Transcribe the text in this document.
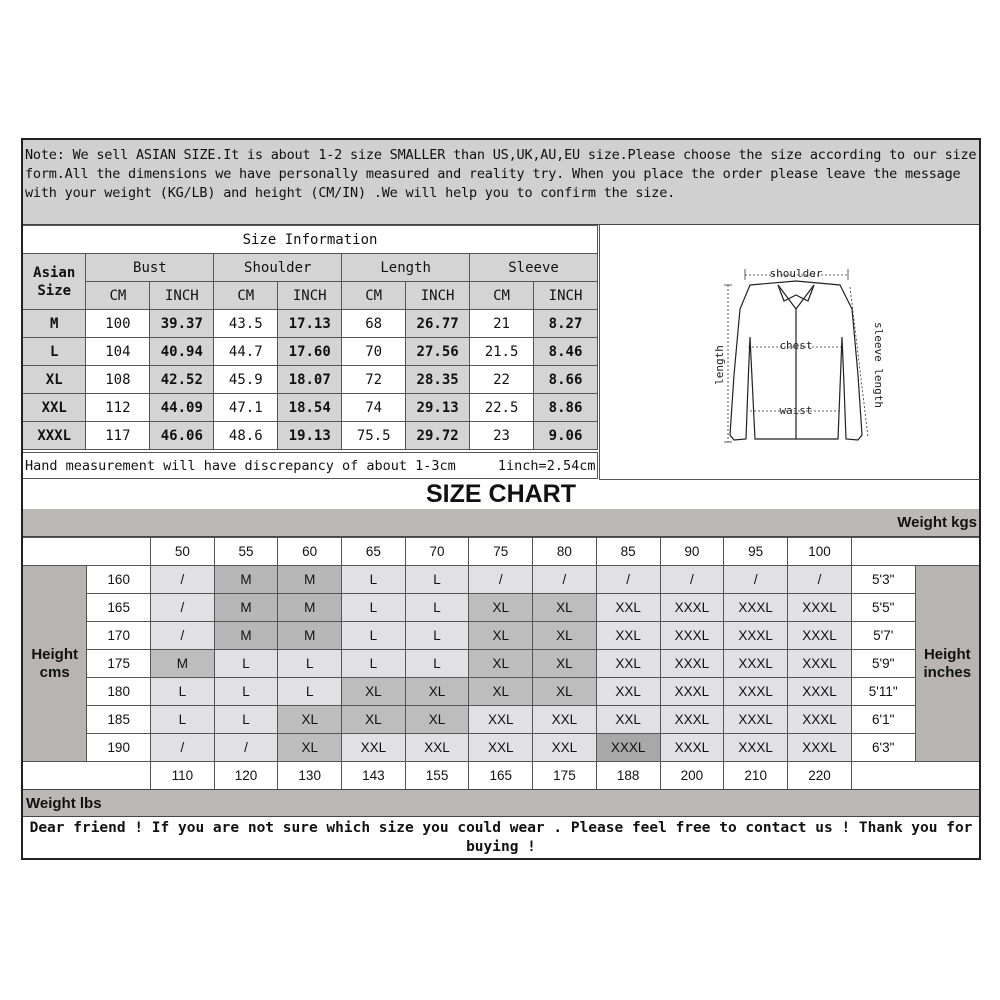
Note: We sell ASIAN SIZE.It is about 1-2 size SMALLER than US,UK,AU,EU size.Please choose the size according to our size form.All the dimensions we have personally measured and reality try. When you place the order please leave the message with your weight (KG/LB) and height (CM/IN) .We will help you to confirm the size.
Size Information								
Asian Size	Bust		Shoulder		Length		Sleeve	
	CM	INCH	CM	INCH	CM	INCH	CM	INCH
M	100	39.37	43.5	17.13	68	26.77	21	8.27
L	104	40.94	44.7	17.60	70	27.56	21.5	8.46
XL	108	42.52	45.9	18.07	72	28.35	22	8.66
XXL	112	44.09	47.1	18.54	74	29.13	22.5	8.86
XXXL	117	46.06	48.6	19.13	75.5	29.72	23	9.06
Hand measurement will have discrepancy of about 1-3cm	1inch=2.54cm
shoulder
chest
waist
length	sleeve length
SIZE CHART
Weight kgs
		50	55	60	65	70	75	80	85	90	95	100		
Height cms	160	/	M	M	L	L	/	/	/	/	/	/	5'3"	Height inches
	165	/	M	M	L	L	XL	XL	XXL	XXXL	XXXL	XXXL	5'5"	
	170	/	M	M	L	L	XL	XL	XXL	XXXL	XXXL	XXXL	5'7'	
	175	M	L	L	L	L	XL	XL	XXL	XXXL	XXXL	XXXL	5'9"	
	180	L	L	L	XL	XL	XL	XL	XXL	XXXL	XXXL	XXXL	5'11"	
	185	L	L	XL	XL	XL	XXL	XXL	XXL	XXXL	XXXL	XXXL	6'1"	
	190	/	/	XL	XXL	XXL	XXL	XXL	XXXL	XXXL	XXXL	XXXL	6'3"	
		110	120	130	143	155	165	175	188	200	210	220		
Weight lbs
Dear friend ! If you are not sure which size you could wear . Please feel free to contact us ! Thank you for buying !
